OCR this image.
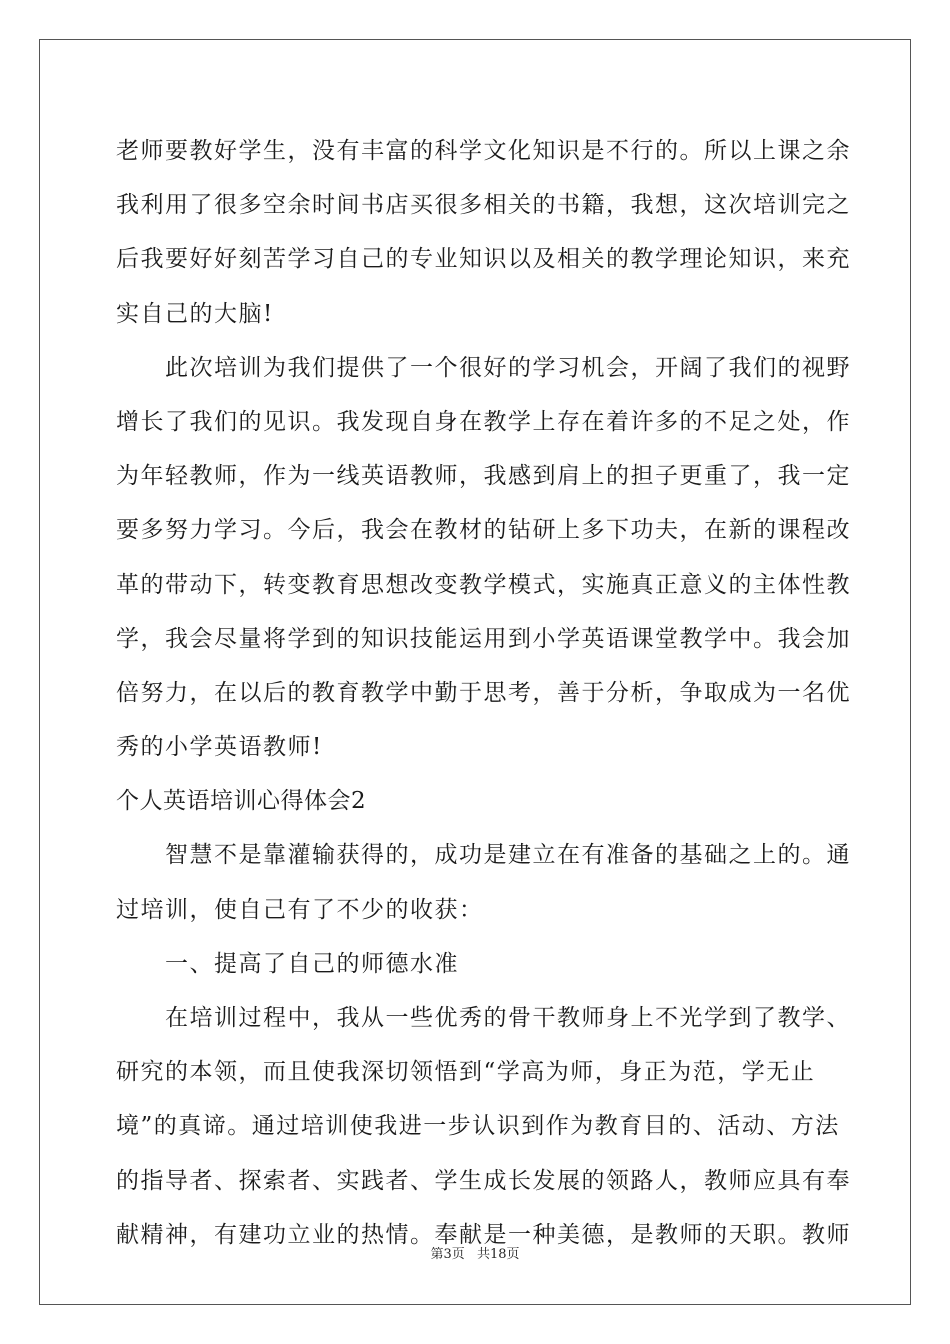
老师要教好学生，没有丰富的科学文化知识是不行的。所以上课之余
我利用了很多空余时间书店买很多相关的书籍，我想，这次培训完之
后我要好好刻苦学习自己的专业知识以及相关的教学理论知识，来充
实自己的大脑!
　　此次培训为我们提供了一个很好的学习机会，开阔了我们的视野
增长了我们的见识。我发现自身在教学上存在着许多的不足之处，作
为年轻教师，作为一线英语教师，我感到肩上的担子更重了，我一定
要多努力学习。今后，我会在教材的钻研上多下功夫，在新的课程改
革的带动下，转变教育思想改变教学模式，实施真正意义的主体性教
学，我会尽量将学到的知识技能运用到小学英语课堂教学中。我会加
倍努力，在以后的教育教学中勤于思考，善于分析，争取成为一名优
秀的小学英语教师!
个人英语培训心得体会2
　　智慧不是靠灌输获得的，成功是建立在有准备的基础之上的。通
过培训，使自己有了不少的收获：
　　一、提高了自己的师德水准
　　在培训过程中，我从一些优秀的骨干教师身上不光学到了教学、
研究的本领，而且使我深切领悟到“学高为师，身正为范，学无止
境”的真谛。通过培训使我进一步认识到作为教育目的、活动、方法
的指导者、探索者、实践者、学生成长发展的领路人，教师应具有奉
献精神，有建功立业的热情。奉献是一种美德，是教师的天职。教师
第3页 共18页
